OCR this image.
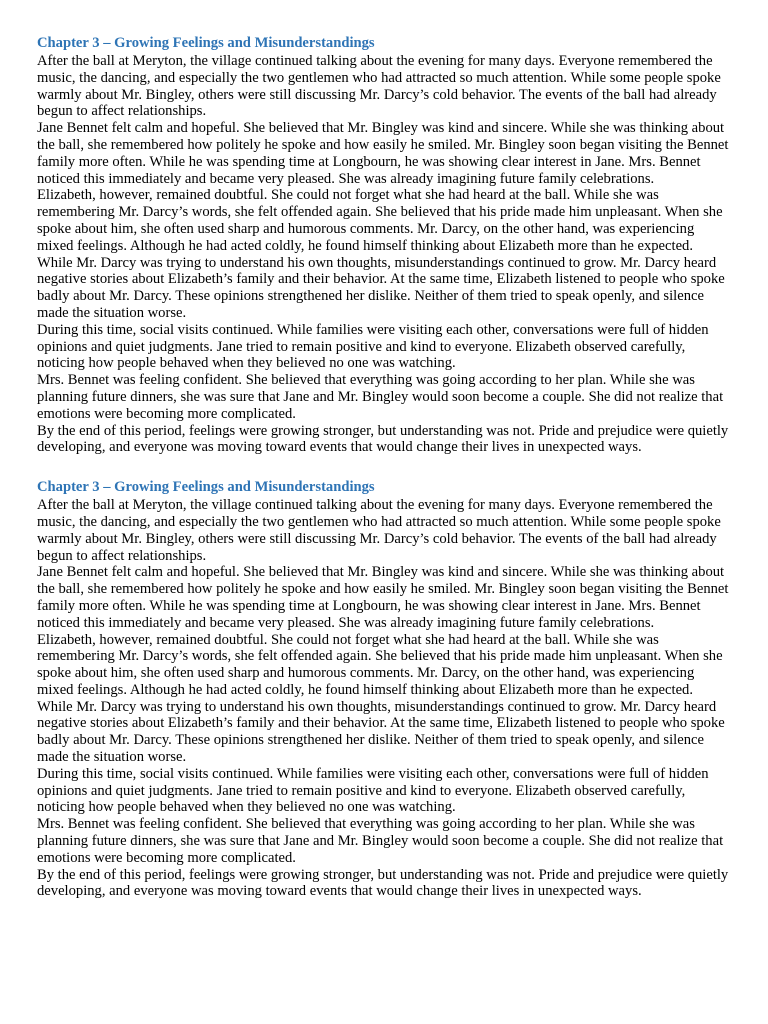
Chapter 3 – Growing Feelings and Misunderstandings

After the ball at Meryton, the village continued talking about the evening for many days. Everyone remembered the music, the dancing, and especially the two gentlemen who had attracted so much attention. While some people spoke warmly about Mr. Bingley, others were still discussing Mr. Darcy’s cold behavior. The events of the ball had already begun to affect relationships.

Jane Bennet felt calm and hopeful. She believed that Mr. Bingley was kind and sincere. While she was thinking about the ball, she remembered how politely he spoke and how easily he smiled. Mr. Bingley soon began visiting the Bennet family more often. While he was spending time at Longbourn, he was showing clear interest in Jane. Mrs. Bennet noticed this immediately and became very pleased. She was already imagining future family celebrations.

Elizabeth, however, remained doubtful. She could not forget what she had heard at the ball. While she was remembering Mr. Darcy’s words, she felt offended again. She believed that his pride made him unpleasant. When she spoke about him, she often used sharp and humorous comments. Mr. Darcy, on the other hand, was experiencing mixed feelings. Although he had acted coldly, he found himself thinking about Elizabeth more than he expected.

While Mr. Darcy was trying to understand his own thoughts, misunderstandings continued to grow. Mr. Darcy heard negative stories about Elizabeth’s family and their behavior. At the same time, Elizabeth listened to people who spoke badly about Mr. Darcy. These opinions strengthened her dislike. Neither of them tried to speak openly, and silence made the situation worse.

During this time, social visits continued. While families were visiting each other, conversations were full of hidden opinions and quiet judgments. Jane tried to remain positive and kind to everyone. Elizabeth observed carefully, noticing how people behaved when they believed no one was watching.

Mrs. Bennet was feeling confident. She believed that everything was going according to her plan. While she was planning future dinners, she was sure that Jane and Mr. Bingley would soon become a couple. She did not realize that emotions were becoming more complicated.

By the end of this period, feelings were growing stronger, but understanding was not. Pride and prejudice were quietly developing, and everyone was moving toward events that would change their lives in unexpected ways.

Chapter 3 – Growing Feelings and Misunderstandings

After the ball at Meryton, the village continued talking about the evening for many days. Everyone remembered the music, the dancing, and especially the two gentlemen who had attracted so much attention. While some people spoke warmly about Mr. Bingley, others were still discussing Mr. Darcy’s cold behavior. The events of the ball had already begun to affect relationships.

Jane Bennet felt calm and hopeful. She believed that Mr. Bingley was kind and sincere. While she was thinking about the ball, she remembered how politely he spoke and how easily he smiled. Mr. Bingley soon began visiting the Bennet family more often. While he was spending time at Longbourn, he was showing clear interest in Jane. Mrs. Bennet noticed this immediately and became very pleased. She was already imagining future family celebrations.

Elizabeth, however, remained doubtful. She could not forget what she had heard at the ball. While she was remembering Mr. Darcy’s words, she felt offended again. She believed that his pride made him unpleasant. When she spoke about him, she often used sharp and humorous comments. Mr. Darcy, on the other hand, was experiencing mixed feelings. Although he had acted coldly, he found himself thinking about Elizabeth more than he expected.

While Mr. Darcy was trying to understand his own thoughts, misunderstandings continued to grow. Mr. Darcy heard negative stories about Elizabeth’s family and their behavior. At the same time, Elizabeth listened to people who spoke badly about Mr. Darcy. These opinions strengthened her dislike. Neither of them tried to speak openly, and silence made the situation worse.

During this time, social visits continued. While families were visiting each other, conversations were full of hidden opinions and quiet judgments. Jane tried to remain positive and kind to everyone. Elizabeth observed carefully, noticing how people behaved when they believed no one was watching.

Mrs. Bennet was feeling confident. She believed that everything was going according to her plan. While she was planning future dinners, she was sure that Jane and Mr. Bingley would soon become a couple. She did not realize that emotions were becoming more complicated.

By the end of this period, feelings were growing stronger, but understanding was not. Pride and prejudice were quietly developing, and everyone was moving toward events that would change their lives in unexpected ways.
